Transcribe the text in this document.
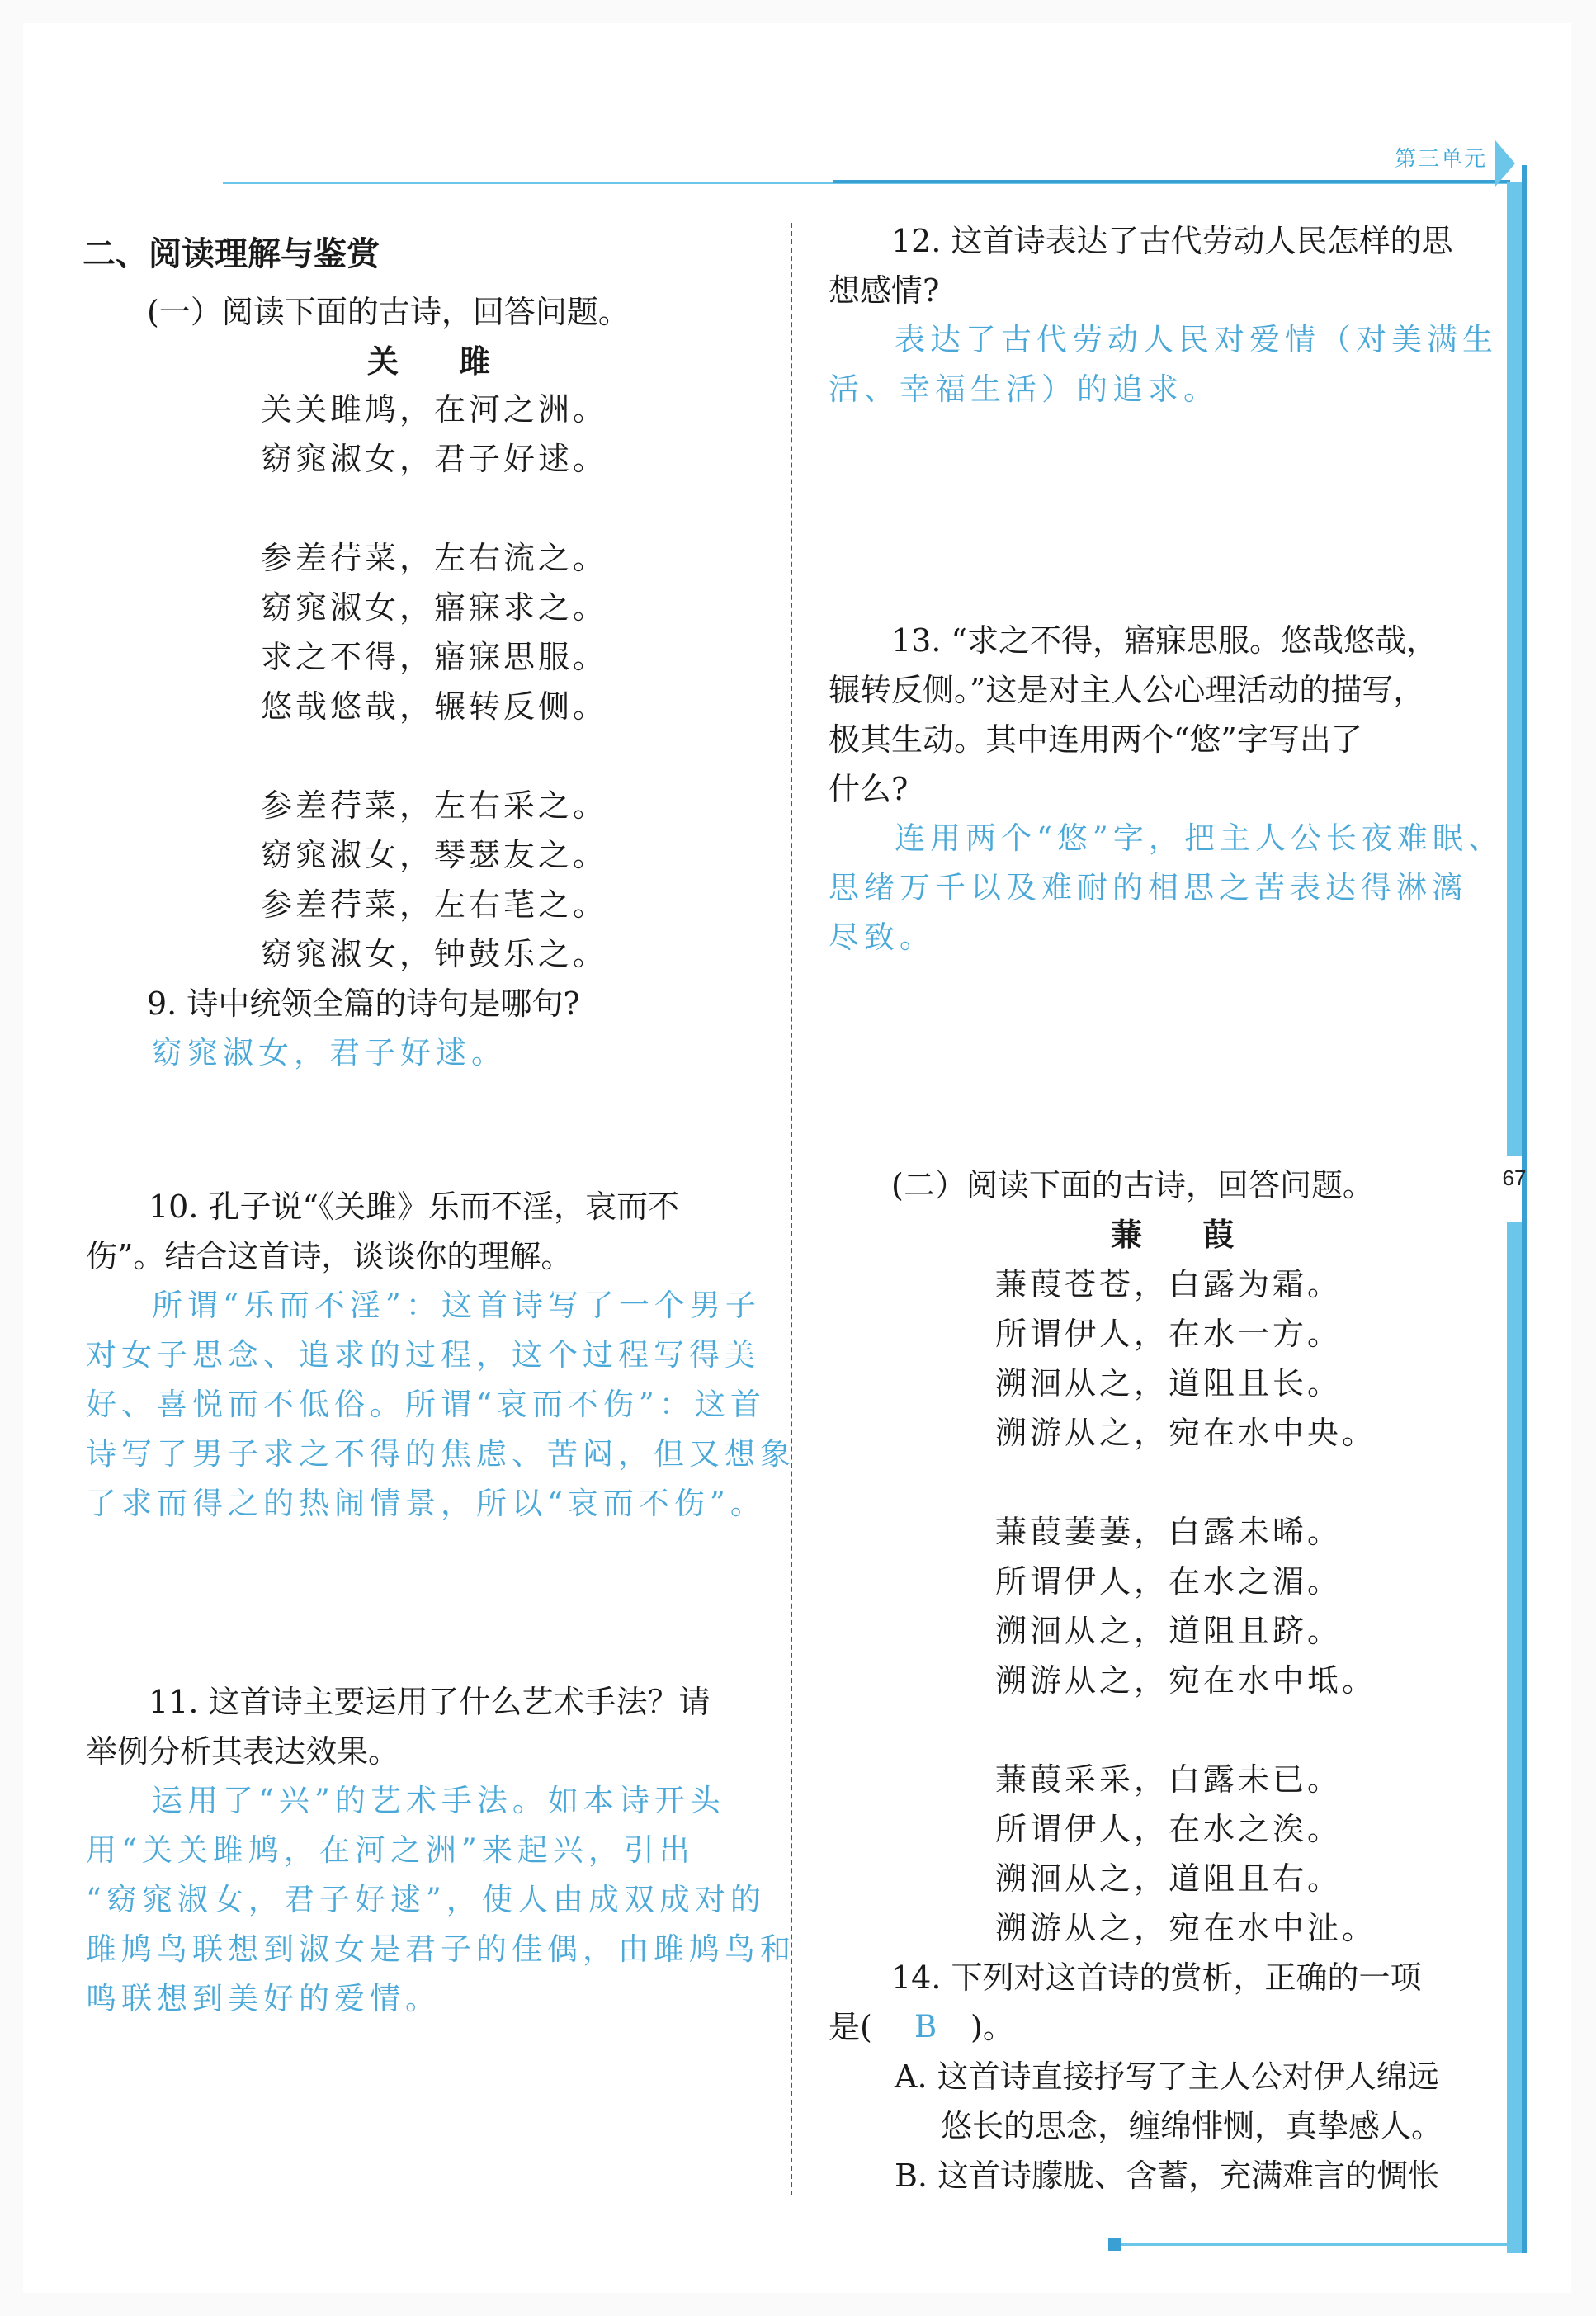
第三单元
67
二、阅读理解与鉴赏
(一）阅读下面的古诗，回答问题。
关 雎
关关雎鸠，在河之洲。
窈窕淑女，君子好逑。
参差荇菜，左右流之。
窈窕淑女，寤寐求之。
求之不得，寤寐思服。
悠哉悠哉，辗转反侧。
参差荇菜，左右采之。
窈窕淑女，琴瑟友之。
参差荇菜，左右芼之。
窈窕淑女，钟鼓乐之。
9. 诗中统领全篇的诗句是哪句?
窈窕淑女，君子好逑。
10. 孔子说“《关雎》乐而不淫，哀而不
伤”。结合这首诗，谈谈你的理解。
所谓“乐而不淫”：这首诗写了一个男子
对女子思念、追求的过程，这个过程写得美
好、喜悦而不低俗。所谓“哀而不伤”：这首
诗写了男子求之不得的焦虑、苦闷，但又想象
了求而得之的热闹情景，所以“哀而不伤”。
11. 这首诗主要运用了什么艺术手法？请
举例分析其表达效果。
运用了“兴”的艺术手法。如本诗开头
用“关关雎鸠，在河之洲”来起兴，引出
“窈窕淑女，君子好逑”，使人由成双成对的
雎鸠鸟联想到淑女是君子的佳偶，由雎鸠鸟和
鸣联想到美好的爱情。
12. 这首诗表达了古代劳动人民怎样的思
想感情?
表达了古代劳动人民对爱情（对美满生
活、幸福生活）的追求。
13. “求之不得，寤寐思服。悠哉悠哉，
辗转反侧。”这是对主人公心理活动的描写，
极其生动。其中连用两个“悠”字写出了
什么?
连用两个“悠”字，把主人公长夜难眠、
思绪万千以及难耐的相思之苦表达得淋漓
尽致。
(二）阅读下面的古诗，回答问题。
蒹 葭
蒹葭苍苍，白露为霜。
所谓伊人，在水一方。
溯洄从之，道阻且长。
溯游从之，宛在水中央。
蒹葭萋萋，白露未晞。
所谓伊人，在水之湄。
溯洄从之，道阻且跻。
溯游从之，宛在水中坻。
蒹葭采采，白露未已。
所谓伊人，在水之涘。
溯洄从之，道阻且右。
溯游从之，宛在水中沚。
14. 下列对这首诗的赏析，正确的一项
是( B )。
A. 这首诗直接抒写了主人公对伊人绵远
悠长的思念，缠绵悱恻，真挚感人。
B. 这首诗朦胧、含蓄，充满难言的惆怅
